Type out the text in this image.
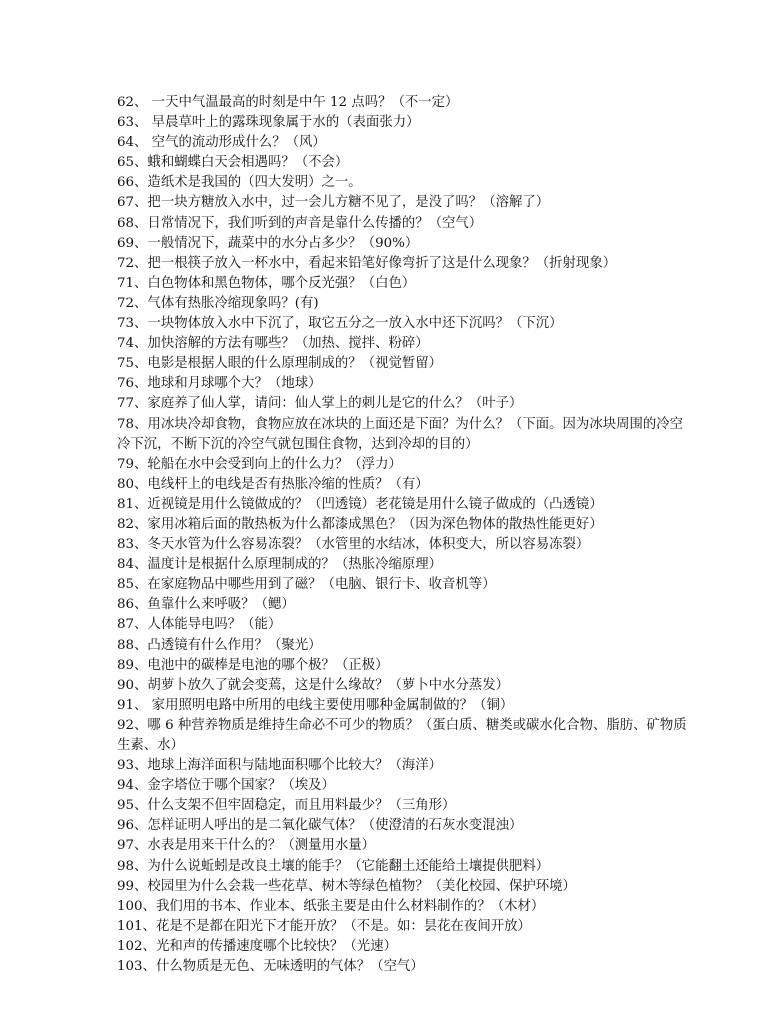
62、 一天中气温最高的时刻是中午 12 点吗？（不一定）
63、 早晨草叶上的露珠现象属于水的（表面张力）
64、 空气的流动形成什么？（风）
65、蛾和蝴蝶白天会相遇吗？（不会）
66、造纸术是我国的（四大发明）之一。
67、把一块方糖放入水中，过一会儿方糖不见了，是没了吗？（溶解了）
68、日常情况下，我们听到的声音是靠什么传播的？（空气）
69、一般情况下，蔬菜中的水分占多少？（90%）
72、把一根筷子放入一杯水中，看起来铅笔好像弯折了这是什么现象？（折射现象）
71、白色物体和黑色物体，哪个反光强？（白色）
72、气体有热胀冷缩现象吗？(有)
73、一块物体放入水中下沉了，取它五分之一放入水中还下沉吗？（下沉）
74、加快溶解的方法有哪些？（加热、搅拌、粉碎）
75、电影是根据人眼的什么原理制成的？（视觉暂留）
76、地球和月球哪个大？（地球）
77、家庭养了仙人掌，请问：仙人掌上的刺儿是它的什么？（叶子）
78、用冰块冷却食物，食物应放在冰块的上面还是下面？为什么？（下面。因为冰块周围的冷空
冷下沉，不断下沉的冷空气就包围住食物，达到冷却的目的）
79、轮船在水中会受到向上的什么力？（浮力）
80、电线杆上的电线是否有热胀冷缩的性质？（有）
81、近视镜是用什么镜做成的？（凹透镜）老花镜是用什么镜子做成的（凸透镜）
82、家用冰箱后面的散热板为什么都漆成黑色？（因为深色物体的散热性能更好）
83、冬天水管为什么容易冻裂？（水管里的水结冰，体积变大，所以容易冻裂）
84、温度计是根据什么原理制成的？（热胀冷缩原理）
85、在家庭物品中哪些用到了磁？（电脑、银行卡、收音机等）
86、鱼靠什么来呼吸？（鳃）
87、人体能导电吗？（能）
88、凸透镜有什么作用？（聚光）
89、电池中的碳棒是电池的哪个极？（正极）
90、胡萝卜放久了就会变蔫，这是什么缘故？（萝卜中水分蒸发）
91、 家用照明电路中所用的电线主要使用哪种金属制做的？（铜）
92、哪 6 种营养物质是维持生命必不可少的物质？（蛋白质、糖类或碳水化合物、脂肪、矿物质
生素、水）
93、地球上海洋面积与陆地面积哪个比较大？（海洋）
94、金字塔位于哪个国家？（埃及）
95、什么支架不但牢固稳定，而且用料最少？（三角形）
96、怎样证明人呼出的是二氧化碳气体？（使澄清的石灰水变混浊）
97、水表是用来干什么的？（测量用水量）
98、为什么说蚯蚓是改良土壤的能手？（它能翻土还能给土壤提供肥料）
99、校园里为什么会栽一些花草、树木等绿色植物？（美化校园、保护环境）
100、我们用的书本、作业本、纸张主要是由什么材料制作的？（木材）
101、花是不是都在阳光下才能开放？（不是。如：昙花在夜间开放）
102、光和声的传播速度哪个比较快？（光速）
103、什么物质是无色、无味透明的气体？（空气）
